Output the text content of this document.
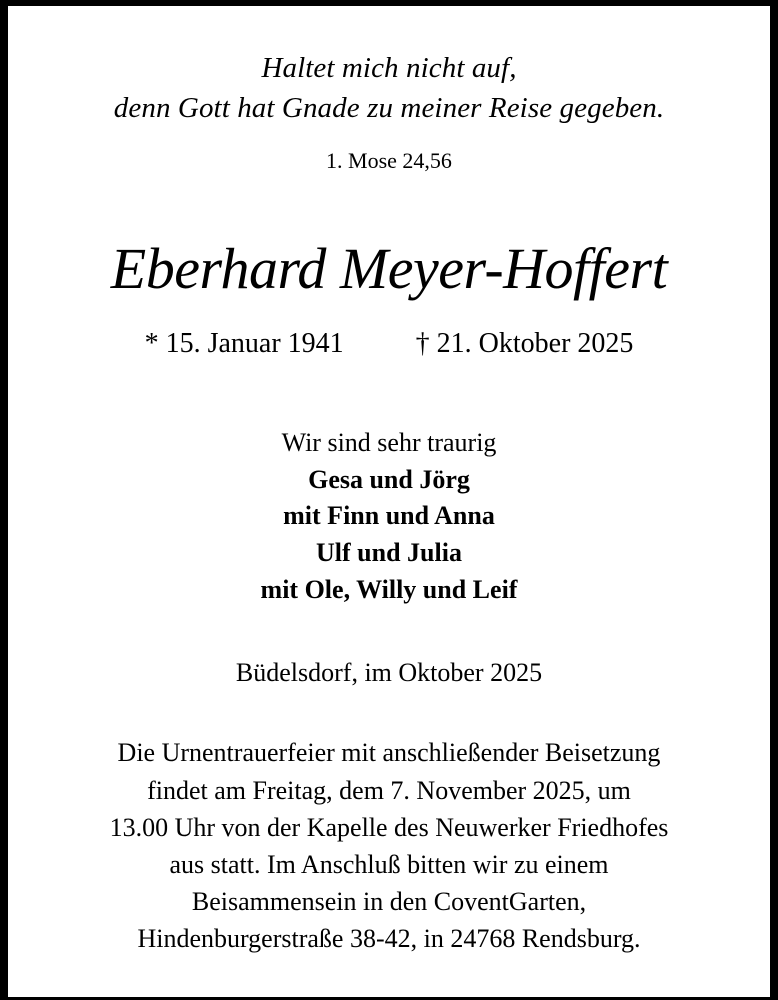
Haltet mich nicht auf,
denn Gott hat Gnade zu meiner Reise gegeben.
1. Mose 24,56
Eberhard Meyer-Hoffert
* 15. Januar 1941	† 21. Oktober 2025
Wir sind sehr traurig
Gesa und Jörg
mit Finn und Anna
Ulf und Julia
mit Ole, Willy und Leif
Büdelsdorf, im Oktober 2025
Die Urnentrauerfeier mit anschließender Beisetzung
findet am Freitag, dem 7. November 2025, um
13.00 Uhr von der Kapelle des Neuwerker Friedhofes
aus statt. Im Anschluß bitten wir zu einem
Beisammensein in den CoventGarten,
Hindenburgerstraße 38-42, in 24768 Rendsburg.
